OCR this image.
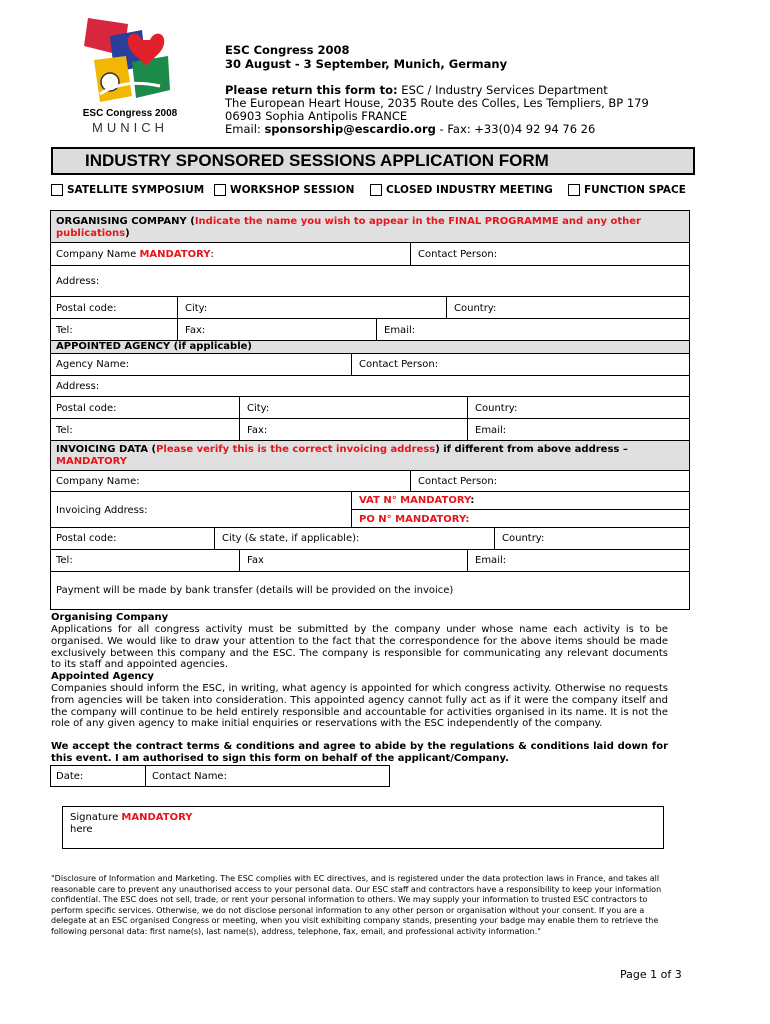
ESC Congress 2008
MUNICH
ESC Congress 2008
30 August - 3 September, Munich, Germany
Please return this form to: ESC / Industry Services Department
The European Heart House, 2035 Route des Colles, Les Templiers, BP 179
06903 Sophia Antipolis FRANCE
Email: sponsorship@escardio.org - Fax: +33(0)4 92 94 76 26
INDUSTRY SPONSORED SESSIONS APPLICATION FORM
SATELLITE SYMPOSIUM WORKSHOP SESSION	CLOSED INDUSTRY MEETING	FUNCTION SPACE
ORGANISING COMPANY (Indicate the name you wish to appear in the FINAL PROGRAMME and any other publications)
Company Name MANDATORY:	Contact Person:
Address:
Postal code:	City:	Country:
Tel:	Fax:	Email:
APPOINTED AGENCY (if applicable)
Agency Name:	Contact Person:
Address:
Postal code:	City:	Country:
Tel:	Fax:	Email:
INVOICING DATA (Please verify this is the correct invoicing address) if different from above address –
MANDATORY
Company Name:	Contact Person:
Invoicing Address:
VAT N° MANDATORY:
PO N° MANDATORY:
Postal code:	City (& state, if applicable):	Country:
Tel:	Fax	Email:
Payment will be made by bank transfer (details will be provided on the invoice)
Organising Company
Applications for all congress activity must be submitted by the company under whose name each activity is to be organised. We would like to draw your attention to the fact that the correspondence for the above items should be made exclusively between this company and the ESC. The company is responsible for communicating any relevant documents to its staff and appointed agencies.
Appointed Agency
Companies should inform the ESC, in writing, what agency is appointed for which congress activity. Otherwise no requests from agencies will be taken into consideration. This appointed agency cannot fully act as if it were the company itself and the company will continue to be held entirely responsible and accountable for activities organised in its name. It is not the role of any given agency to make initial enquiries or reservations with the ESC independently of the company.
We accept the contract terms & conditions and agree to abide by the regulations & conditions laid down for this event. I am authorised to sign this form on behalf of the applicant/Company.
Date:	Contact Name:
Signature MANDATORY
here
"Disclosure of Information and Marketing. The ESC complies with EC directives, and is registered under the data protection laws in France, and takes all reasonable care to prevent any unauthorised access to your personal data. Our ESC staff and contractors have a responsibility to keep your information confidential. The ESC does not sell, trade, or rent your personal information to others. We may supply your information to trusted ESC contractors to perform specific services. Otherwise, we do not disclose personal information to any other person or organisation without your consent. If you are a delegate at an ESC organised Congress or meeting, when you visit exhibiting company stands, presenting your badge may enable them to retrieve the following personal data: first name(s), last name(s), address, telephone, fax, email, and professional activity information."
Page 1 of 3
